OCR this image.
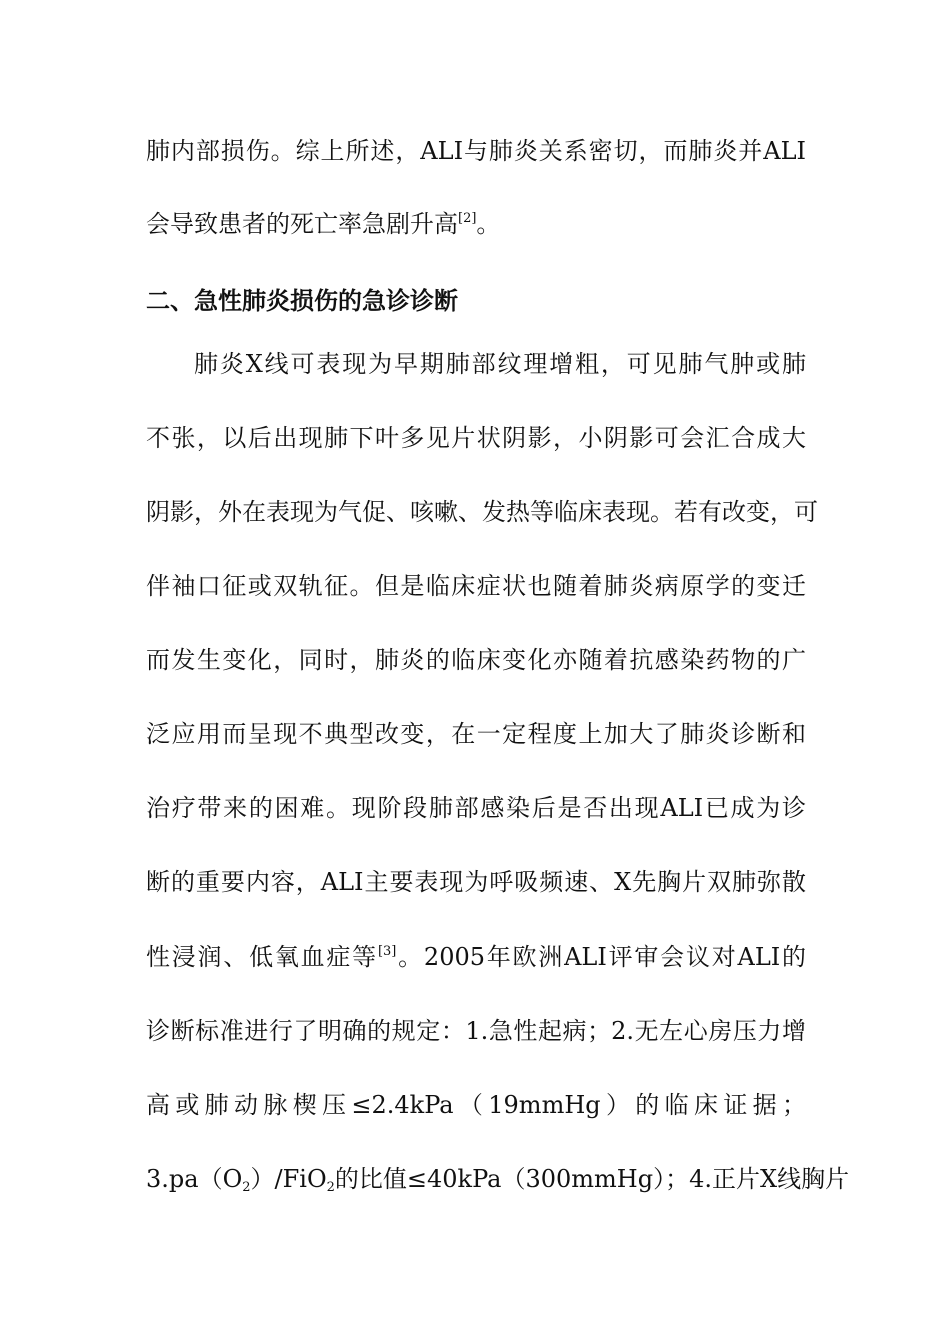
肺内部损伤。综上所述，ALI与肺炎关系密切，而肺炎并ALI
会导致患者的死亡率急剧升高[2]。
二、急性肺炎损伤的急诊诊断
肺炎X线可表现为早期肺部纹理增粗，可见肺气肿或肺
不张，以后出现肺下叶多见片状阴影，小阴影可会汇合成大
阴影，外在表现为气促、咳嗽、发热等临床表现。若有改变，可
伴袖口征或双轨征。但是临床症状也随着肺炎病原学的变迁
而发生变化，同时，肺炎的临床变化亦随着抗感染药物的广
泛应用而呈现不典型改变，在一定程度上加大了肺炎诊断和
治疗带来的困难。现阶段肺部感染后是否出现ALI已成为诊
断的重要内容，ALI主要表现为呼吸频速、X先胸片双肺弥散
性浸润、低氧血症等[3]。2005年欧洲ALI评审会议对ALI的
诊断标准进行了明确的规定：1.急性起病；2.无左心房压力增
高或肺动脉楔压≤2.4kPa（19mmHg）的临床证据；
$3.pa(O_2)/FiO_2$的比值≤40kPa（300mmHg）；4.正片X线胸片
